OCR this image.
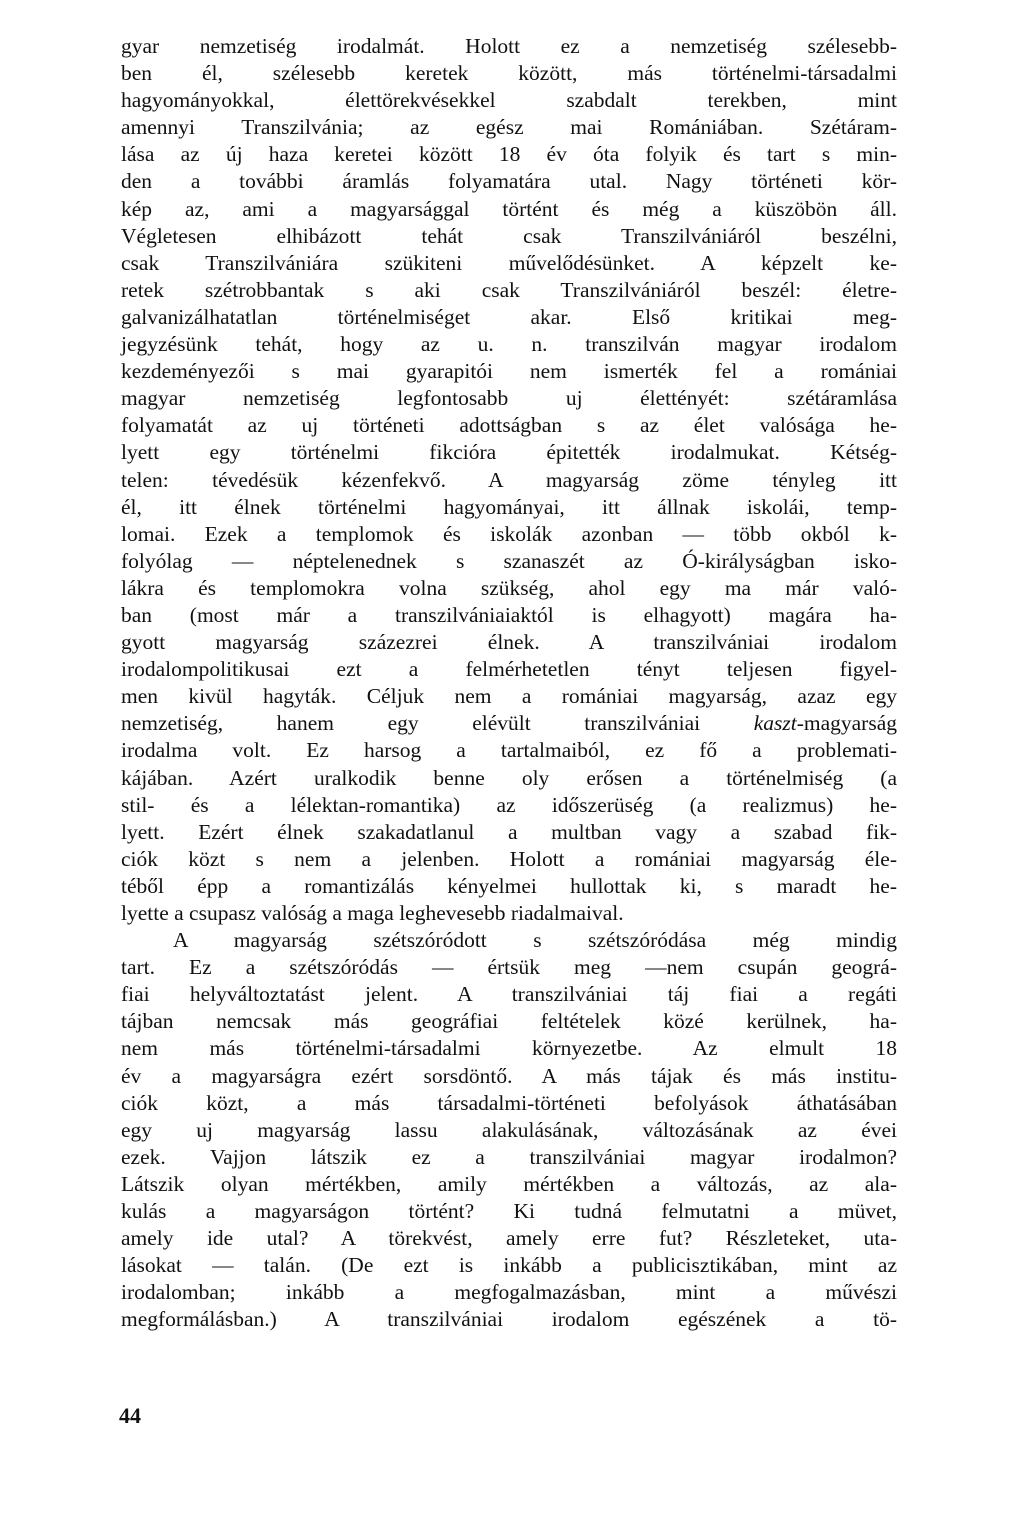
gyar nemzetiség irodalmát. Holott ez a nemzetiség szélesebb-
ben él, szélesebb keretek között, más történelmi-társadalmi
hagyományokkal, élettörekvésekkel szabdalt terekben, mint
amennyi Transzilvánia; az egész mai Romániában. Szétáram-
lása az új haza keretei között 18 év óta folyik és tart s min-
den a további áramlás folyamatára utal. Nagy történeti kör-
kép az, ami a magyarsággal történt és még a küszöbön áll.
Végletesen elhibázott tehát csak Transzilvániáról beszélni,
csak Transzilvániára szükiteni művelődésünket. A képzelt ke-
retek szétrobbantak s aki csak Transzilvániáról beszél: életre-
galvanizálhatatlan történelmiséget akar. Első kritikai meg-
jegyzésünk tehát, hogy az u. n. transzilván magyar irodalom
kezdeményezői s mai gyarapitói nem ismerték fel a romániai
magyar nemzetiség legfontosabb uj élettényét: szétáramlása
folyamatát az uj történeti adottságban s az élet valósága he-
lyett egy történelmi fikcióra épitették irodalmukat. Kétség-
telen: tévedésük kézenfekvő. A magyarság zöme tényleg itt
él, itt élnek történelmi hagyományai, itt állnak iskolái, temp-
lomai. Ezek a templomok és iskolák azonban — több okból k-
folyólag — néptelenednek s szanaszét az Ó-királyságban isko-
lákra és templomokra volna szükség, ahol egy ma már való-
ban (most már a transzilvániaiaktól is elhagyott) magára ha-
gyott magyarság százezrei élnek. A transzilvániai irodalom
irodalompolitikusai ezt a felmérhetetlen tényt teljesen figyel-
men kivül hagyták. Céljuk nem a romániai magyarság, azaz egy
nemzetiség, hanem egy elévült transzilvániai kaszt-magyarság
irodalma volt. Ez harsog a tartalmaiból, ez fő a problemati-
kájában. Azért uralkodik benne oly erősen a történelmiség (a
stil- és a lélektan-romantika) az időszerüség (a realizmus) he-
lyett. Ezért élnek szakadatlanul a multban vagy a szabad fik-
ciók közt s nem a jelenben. Holott a romániai magyarság éle-
téből épp a romantizálás kényelmei hullottak ki, s maradt he-
lyette a csupasz valóság a maga leghevesebb riadalmaival.
A magyarság szétszóródott s szétszóródása még mindig
tart. Ez a szétszóródás — értsük meg —nem csupán geográ-
fiai helyváltoztatást jelent. A transzilvániai táj fiai a regáti
tájban nemcsak más geográfiai feltételek közé kerülnek, ha-
nem más történelmi-társadalmi környezetbe. Az elmult 18
év a magyarságra ezért sorsdöntő. A más tájak és más institu-
ciók közt, a más társadalmi-történeti befolyások áthatásában
egy uj magyarság lassu alakulásának, változásának az évei
ezek. Vajjon látszik ez a transzilvániai magyar irodalmon?
Látszik olyan mértékben, amily mértékben a változás, az ala-
kulás a magyarságon történt? Ki tudná felmutatni a müvet,
amely ide utal? A törekvést, amely erre fut? Részleteket, uta-
lásokat — talán. (De ezt is inkább a publicisztikában, mint az
irodalomban; inkább a megfogalmazásban, mint a művészi
megformálásban.) A transzilvániai irodalom egészének a tö-
44
